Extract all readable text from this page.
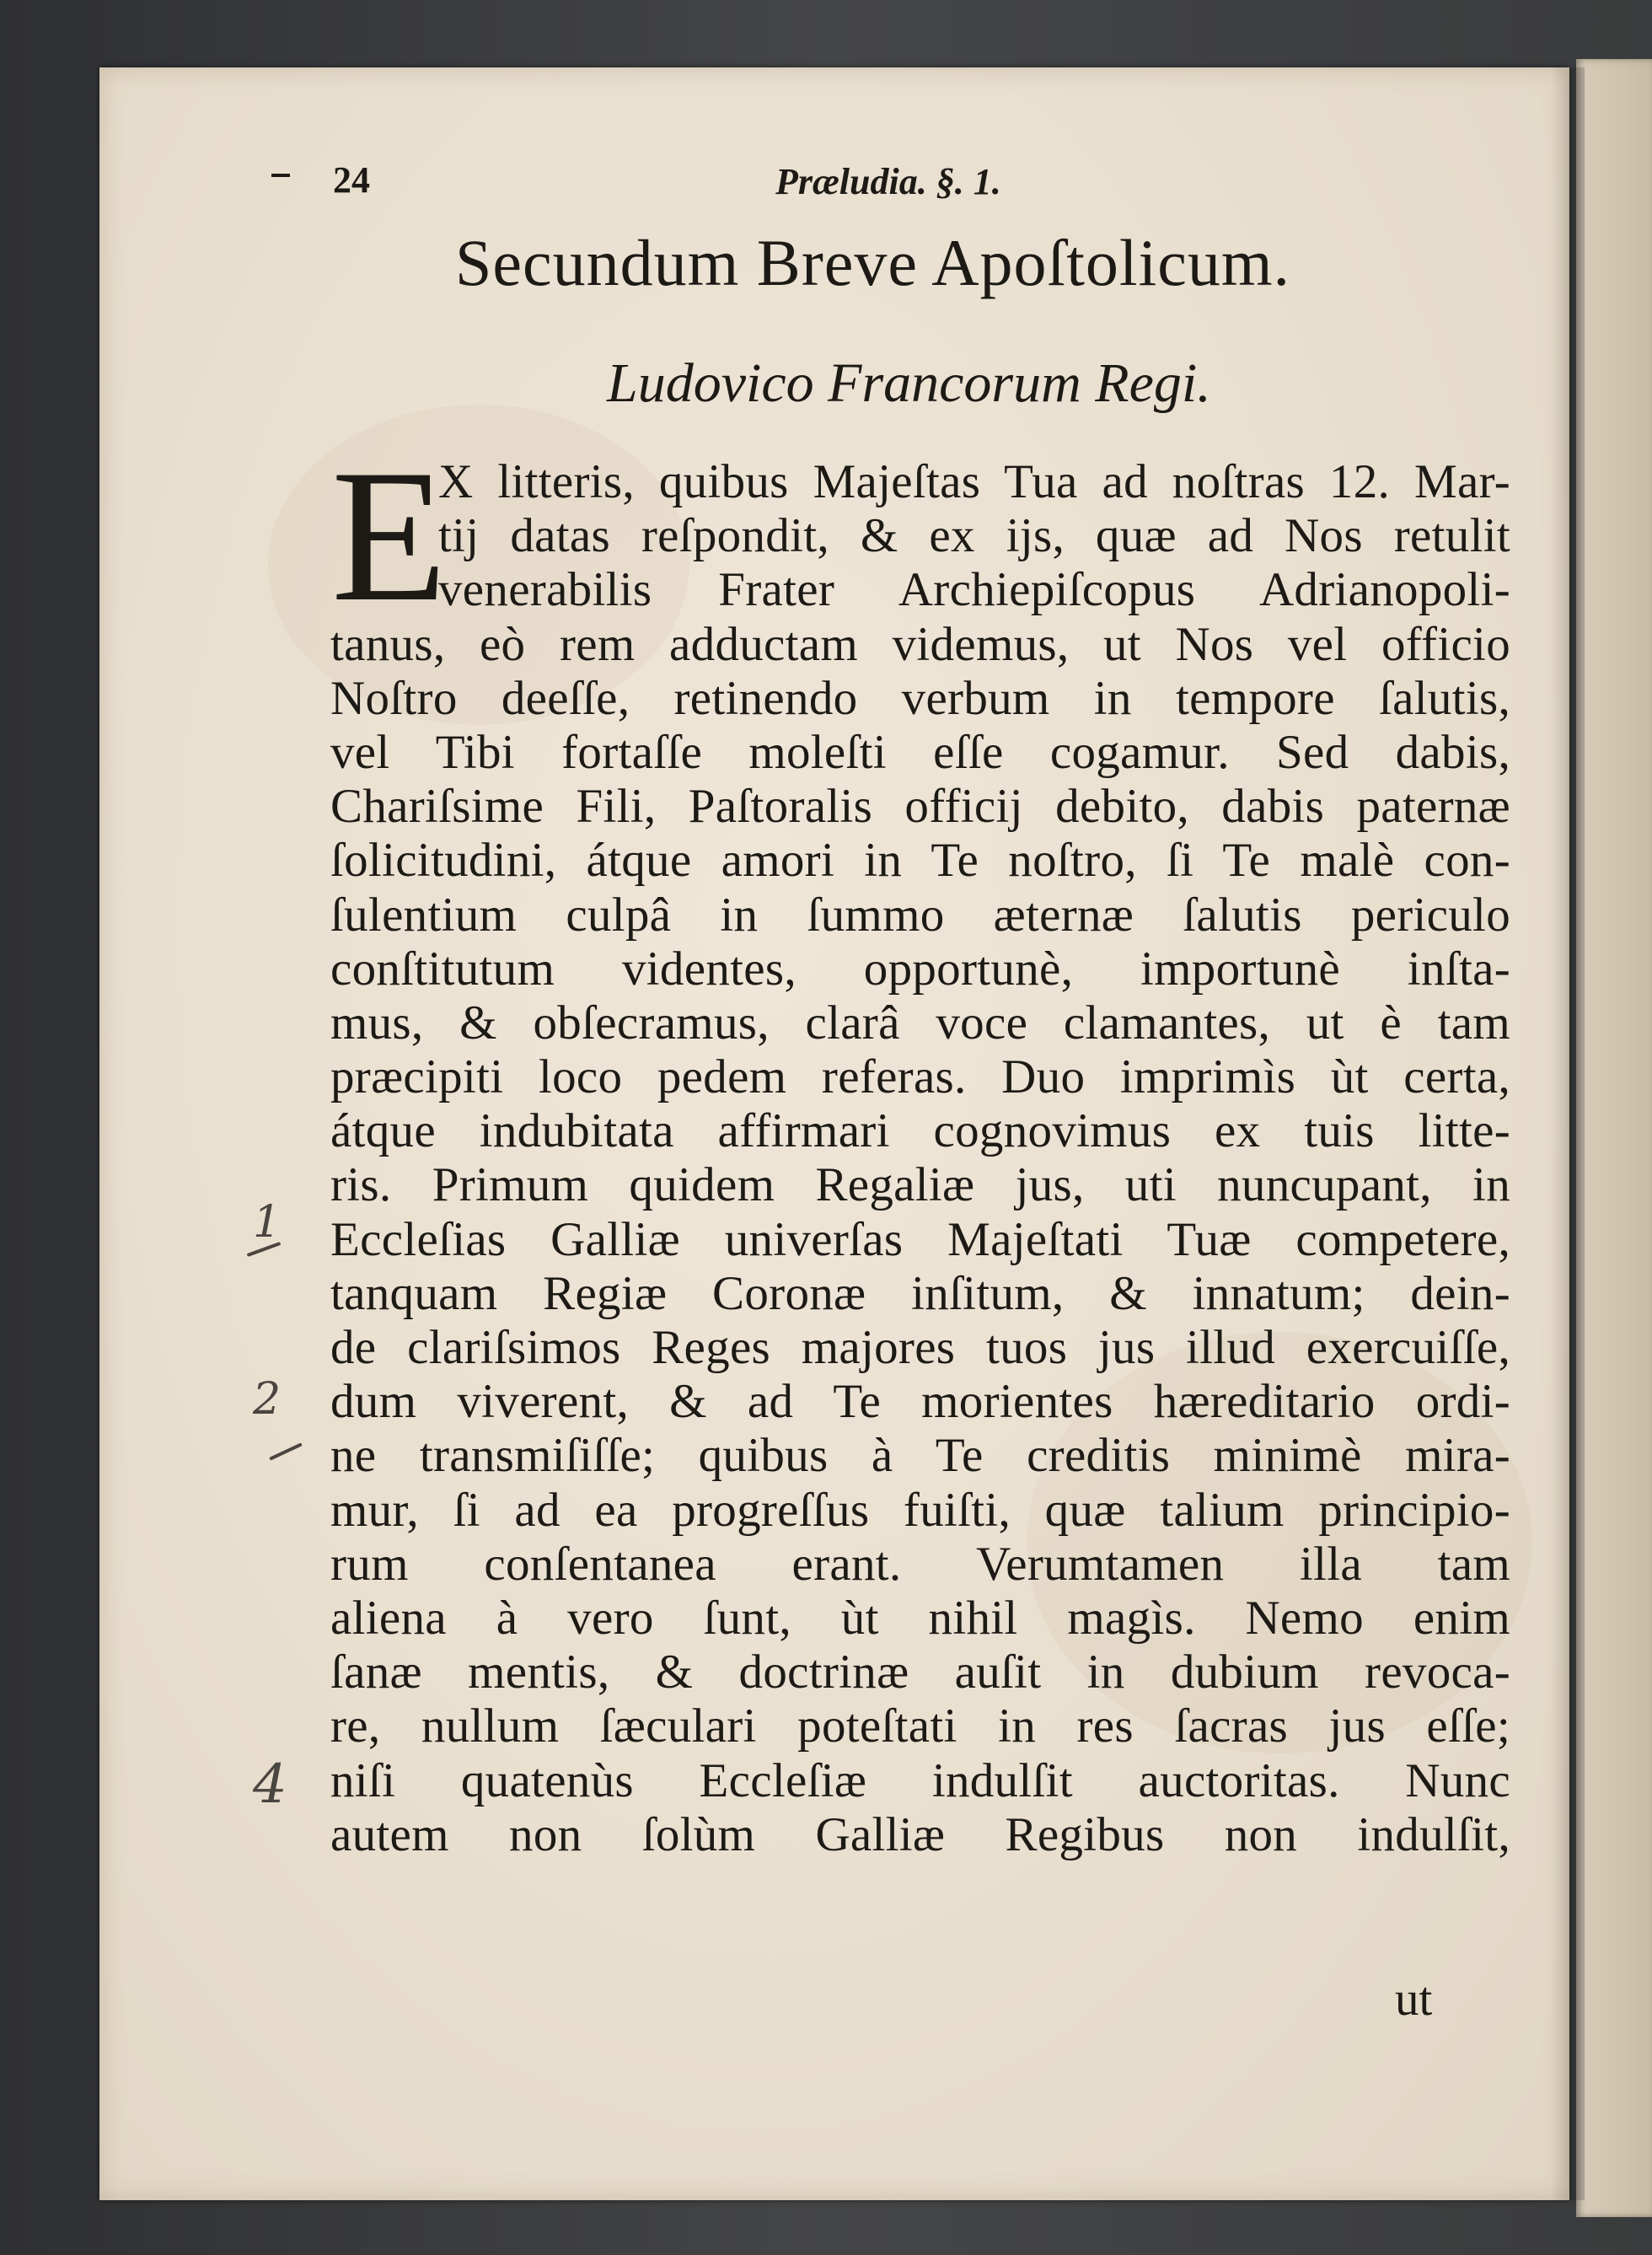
24	Præludia. §. 1.
Secundum Breve Apoſtolicum.
Ludovico Francorum Regi.
E
X litteris, quibus Majeſtas Tua ad noſtras 12. Mar-
tij datas reſpondit, & ex ijs, quæ ad Nos retulit
venerabilis Frater Archiepiſcopus Adrianopoli-
tanus, eò rem adductam videmus, ut Nos vel officio
Noſtro deeſſe, retinendo verbum in tempore ſalutis,
vel Tibi fortaſſe moleſti eſſe cogamur. Sed dabis,
Chariſsime Fili, Paſtoralis officij debito, dabis paternæ
ſolicitudini, átque amori in Te noſtro, ſi Te malè con-
ſulentium culpâ in ſummo æternæ ſalutis periculo
conſtitutum videntes, opportunè, importunè inſta-
mus, & obſecramus, clarâ voce clamantes, ut è tam
præcipiti loco pedem referas. Duo imprimìs ùt certa,
átque indubitata affirmari cognovimus ex tuis litte-
ris. Primum quidem Regaliæ jus, uti nuncupant, in
Eccleſias Galliæ univerſas Majeſtati Tuæ competere,
tanquam Regiæ Coronæ inſitum, & innatum; dein-
de clariſsimos Reges majores tuos jus illud exercuiſſe,
dum viverent, & ad Te morientes hæreditario ordi-
ne transmiſiſſe; quibus à Te creditis minimè mira-
mur, ſi ad ea progreſſus fuiſti, quæ talium principio-
rum conſentanea erant. Verumtamen illa tam
aliena à vero ſunt, ùt nihil magìs. Nemo enim
ſanæ mentis, & doctrinæ auſit in dubium revoca-
re, nullum ſæculari poteſtati in res ſacras jus eſſe;
niſi quatenùs Eccleſiæ indulſit auctoritas. Nunc
autem non ſolùm Galliæ Regibus non indulſit,
ut
1
2
4
